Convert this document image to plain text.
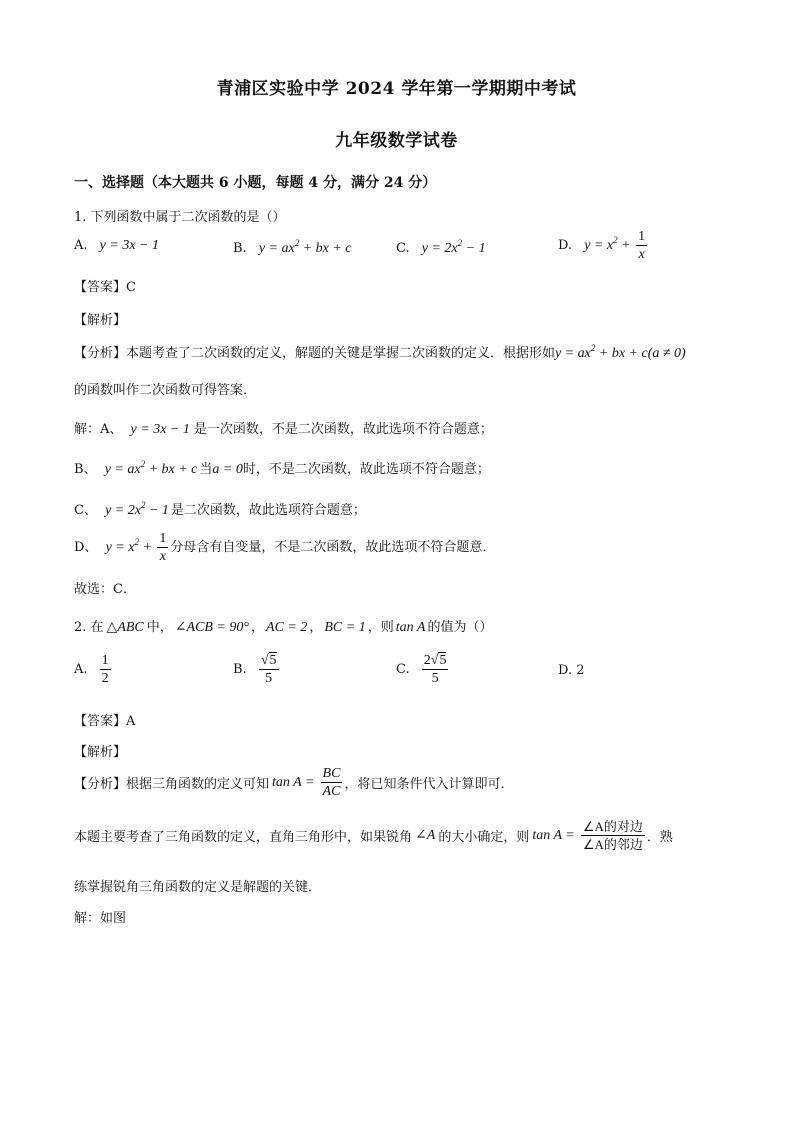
青浦区实验中学 2024 学年第一学期期中考试
九年级数学试卷
一、选择题（本大题共 6 小题，每题 4 分，满分 24 分）
1. 下列函数中属于二次函数的是（）
A. y = 3x − 1	B. $y = ax^2$ + bx + c	C. $y = 2x^2 - 1$	D. $y = x^2 + \frac{1}{x}$
【答案】C
【解析】
【分析】本题考查了二次函数的定义，解题的关键是掌握二次函数的定义．根据形如$y = ax^2$ + bx + c(a ≠ 0)
的函数叫作二次函数可得答案．
解：A、 y = 3x − 1 是一次函数，不是二次函数，故此选项不符合题意；
B、 $y = ax^2$ + bx + c 当a = 0时，不是二次函数，故此选项不符合题意；
C、 $y = 2x^2 - 1$ 是二次函数，故此选项符合题意；
D、 $y = x^2 + \frac{1}{x}$ 分母含有自变量，不是二次函数，故此选项不符合题意．
故选：C．
2. 在 △ABC 中， ∠ACB = 90° ， AC = 2 ， BC = 1 ，则 tan A 的值为（）
A. $\frac{1}{2}$	B. $\frac{√5}{5}$	C. $\frac{2√5}{5}$	D. 2
【答案】A
【解析】
【分析】根据三角函数的定义可知 $\tan A = \frac{BC}{AC}$ ，将已知条件代入计算即可．
本题主要考查了三角函数的定义，直角三角形中，如果锐角 ∠A 的大小确定，则 $\tan A = \frac{\text{∠A的对边}}{\text{∠A的邻边}}$ ．熟
练掌握锐角三角函数的定义是解题的关键．
解：如图
